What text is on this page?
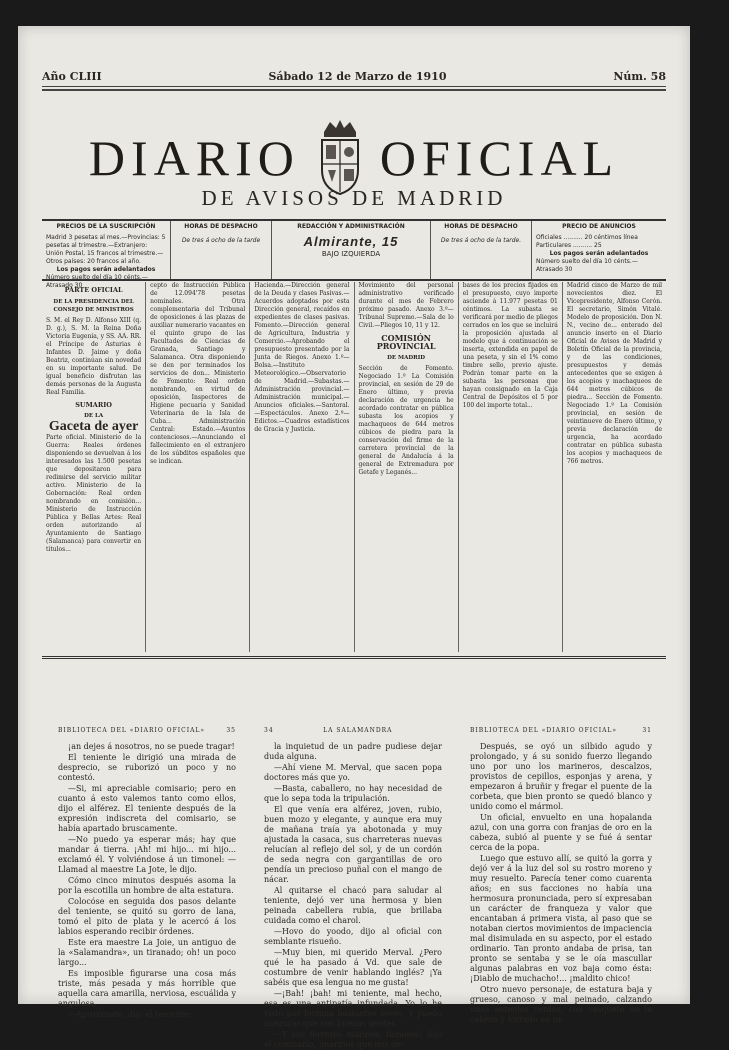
Año CLIII	Sábado 12 de Marzo de 1910	Núm. 58
DIARIO OFICIAL
DE AVISOS DE MADRID
PRECIOS DE LA SUSCRIPCIÓN
Madrid 3 pesetas al mes.—Provincias: 5 pesetas al trimestre.—Extranjero: Unión Postal, 15 francos al trimestre.—Otros países: 20 francos al año.
Los pagos serán adelantados
Número suelto del día 10 cénts.—Atrasado 30
HORAS DE DESPACHO
De tres á ocho de la tarde
REDACCIÓN Y ADMINISTRACIÓN
Almirante, 15
BAJO IZQUIERDA
HORAS DE DESPACHO
De tres á ocho de la tarde.
PRECIO DE ANUNCIOS
Oficiales .......... 20 céntimos línea
Particulares .......... 25
Los pagos serán adelantados
Número suelto del día 10 cénts.—Atrasado 30
PARTE OFICIAL
DE LA PRESIDENCIA DEL CONSEJO DE MINISTROS

S. M. el Rey D. Alfonso XIII (q. D. g.), S. M. la Reina Doña Victoria Eugenia, y SS. AA. RR. el Príncipe de Asturias é Infantes D. Jaime y doña Beatriz, continúan sin novedad en su importante salud. De igual beneficio disfrutan las demás personas de la Augusta Real Familia.

SUMARIO
DE LA
Gaceta de ayer

Parte oficial. Ministerio de la Guerra: Reales órdenes disponiendo se devuelvan á los interesados las 1.500 pesetas que depositaron para redimirse del servicio militar activo. Ministerio de la Gobernación: Real orden nombrando en comisión... Ministerio de Instrucción Pública y Bellas Artes: Real orden autorizando al Ayuntamiento de Santiago (Salamanca) para convertir en títulos...

cepto de Instrucción Pública de 12.094'78 pesetas nominales. Otra complementaria del Tribunal de oposiciones á las plazas de auxiliar numerario vacantes en el quinto grupo de las Facultades de Ciencias de Granada, Santiago y Salamanca. Otra disponiendo se den por terminados los servicios de don... Ministerio de Fomento: Real orden nombrando, en virtud de oposición, Inspectores de Higiene pecuaria y Sanidad Veterinaria de la Isla de Cuba... Administración Central: Estado.—Asuntos contenciosos.—Anunciando el fallecimiento en el extranjero de los súbditos españoles que se indican.

Hacienda.—Dirección general de la Deuda y clases Pasivas.—Acuerdos adoptados por esta Dirección general, recaídos en expedientes de clases pasivas. Fomento.—Dirección general de Agricultura, Industria y Comercio.—Aprobando el presupuesto presentado por la Junta de Riegos. Anexo 1.º—Bolsa.—Instituto Meteorológico.—Observatorio de Madrid.—Subastas.—Administración provincial.—Administración municipal.—Anuncios oficiales.—Santoral.—Espectáculos. Anexo 2.º—Edictos.—Cuadros estadísticos de Gracia y Justicia.

Movimiento del personal administrativo verificado durante el mes de Febrero próximo pasado. Anexo 3.º—Tribunal Supremo.—Sala de lo Civil.—Pliegos 10, 11 y 12.

COMISIÓN PROVINCIAL
DE MADRID

Sección de Fomento. Negociado 1.º La Comisión provincial, en sesión de 29 de Enero último, y previa declaración de urgencia he acordado contratar en pública subasta los acopios y machaqueos de 644 metros cúbicos de piedra para la conservación del firme de la carretera provincial de la general de Andalucía á la general de Extremadura por Getafe y Leganés...

bases de los precios fijados en el presupuesto, cuyo importe asciende á 11.977 pesetas 01 céntimos. La subasta se verificará por medio de pliegos cerrados en los que se incluirá la proposición ajustada al modelo que á continuación se inserta, extendida en papel de una peseta, y sin el 1% como timbre sello, previo ajuste. Podrán tomar parte en la subasta las personas que hayan consignado en la Caja Central de Depósitos el 5 por 100 del importe total...

Madrid cinco de Marzo de mil novecientos diez. El Vicepresidente, Alfonso Cerón. El secretario, Simón Vitalé. Modelo de proposición. Don N. N., vecino de... enterado del anuncio inserto en el Diario Oficial de Avisos de Madrid y Boletín Oficial de la provincia, y de las condiciones, presupuestos y demás antecedentes que se exigen á los acopios y machaqueos de 644 metros cúbicos de piedra... Sección de Fomento. Negociado 1.º La Comisión provincial, en sesión de veintinueve de Enero último, y previa declaración de urgencia, ha acordado contratar en pública subasta los acopios y machaqueos de 766 metros.

BIBLIOTECA DEL «DIARIO OFICIAL»	35

¡an dejes á nosotros, no se puede tragar!

El teniente le dirigió una mirada de desprecio, se ruborizó un poco y no contestó.

—Si, mi apreciable comisario; pero en cuanto á esto valemos tanto como ellos, dijo el alférez. El teniente después de la expresión indiscreta del comisario, se había apartado bruscamente.

—No puedo ya esperar más; hay que mandar á tierra. ¡Ah! mi hijo... mi hijo... exclamó él. Y volviéndose á un timonel: —Llamad al maestre La Jote, le dijo.

Cómo cinco minutos después asoma la por la escotilla un hombre de alta estatura.

Colocóse en seguida dos pasos delante del teniente, se quitó su gorro de lana, tomó el pito de plata y le acercó á los labios esperando recibir órdenes.

Este era maestre La Joie, un antiguo de la «Salamandra», un tiranado; oh! un poco largo...

Es imposible figurarse una cosa más triste, más pesada y más horrible que aquella cara amarilla, nerviosa, escuálida y angulosa.

—Aproximate, dijo el teniente.

34	LA SALAMANDRA

la inquietud de un padre pudiese dejar duda alguna.

—Ahí viene M. Merval, que sacen popa doctores más que yo.

—Basta, caballero, no hay necesidad de que lo sepa toda la tripulación.

El que venía era alférez, joven, rubio, buen mozo y elegante, y aunque era muy de mañana traía ya abotonada y muy ajustada la casaca, sus charreteras nuevas relucían al reflejo del sol, y de un cordón de seda negra con gargantillas de oro pendía un precioso puñal con el mango de nácar.

Al quitarse el chacó para saludar al teniente, dejó ver una hermosa y bien peinada cabellera rubia, que brillaba cuidada como el charol.

—Hovo do yoodo, dijo al oficial con semblante risueño.

—Muy bien, mi querido Merval. ¿Pero qué le ha pasado á Vd. que sale de costumbre de venir hablando inglés? ¡Ya sabéis que esa lengua no me gusta!

—¡Bah! ¡bah! mi teniente, mal hecho, esa es una antipatía infundada. Yo lo he visto por fortuna bastantes veces, y puedo asegurar que son buenas gentes.

—Y sus ferreros marinos, famosos! dijo el comisario, ¡marinos que nos de-

BIBLIOTECA DEL «DIARIO OFICIAL»	31

Después, se oyó un silbido agudo y prolongado, y á su sonido fuerzo llegando uno por uno los marineros, descalzos, provistos de cepillos, esponjas y arena, y empezaron á bruñir y fregar el puente de la corbeta, que bien pronto se quedó blanco y unido como el mármol.

Un oficial, envuelto en una hopalanda azul, con una gorra con franjas de oro en la cabeza, subió al puente y se fué á sentar cerca de la popa.

Luego que estuvo allí, se quitó la gorra y dejó ver á la luz del sol su rostro moreno y muy resuelto. Parecía tener como cuarenta años; en sus facciones no había una hermosura pronunciada, pero sí expresaban un carácter de franqueza y valor que encantaban á primera vista, al paso que se notaban ciertos movimientos de impaciencia mal disimulada en su aspecto, por el estado ordinario. Tan pronto andaba de prisa, tan pronto se sentaba y se le oía mascullar algunas palabras en voz baja como ésta: ¡Diablo de muchacho!... ¡maldito chico!

Otro nuevo personaje, de estatura baja y grueso, canoso y mal peinado, calzando unas anteojos verdes, con casquete en la cabeza y forrado en un
